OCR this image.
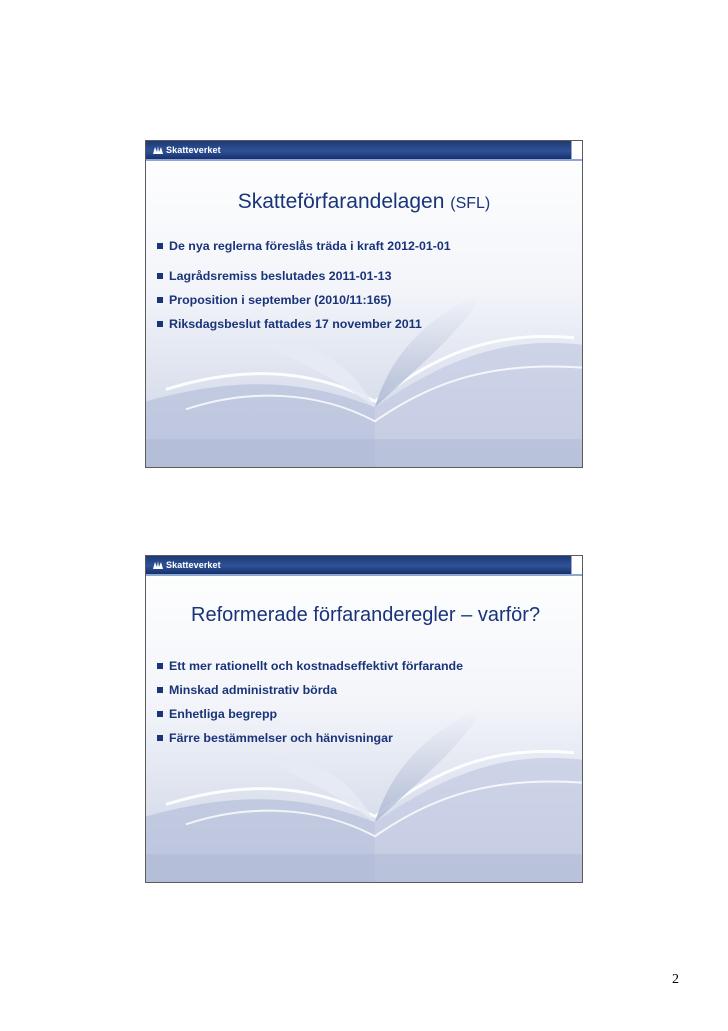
Skatteverket
Skatteförfarandelagen (SFL)
De nya reglerna föreslås träda i kraft 2012-01-01
Lagrådsremiss beslutades 2011-01-13
Proposition i september (2010/11:165)
Riksdagsbeslut fattades 17 november 2011
Skatteverket
Reformerade förfaranderegler – varför?
Ett mer rationellt och kostnadseffektivt förfarande
Minskad administrativ börda
Enhetliga begrepp
Färre bestämmelser och hänvisningar
2
